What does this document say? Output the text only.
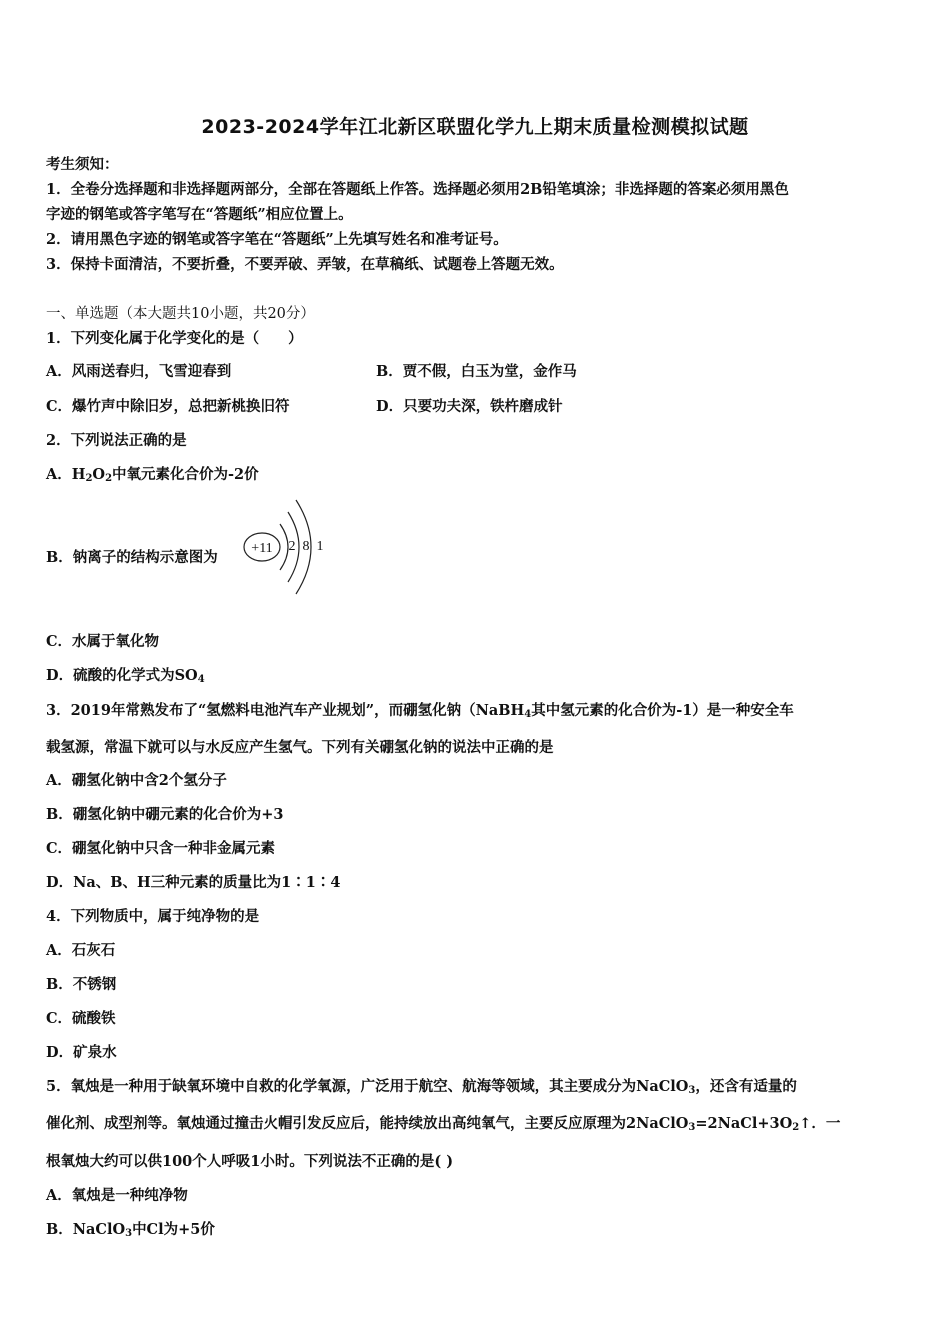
2023-2024学年江北新区联盟化学九上期末质量检测模拟试题
考生须知：
1．全卷分选择题和非选择题两部分，全部在答题纸上作答。选择题必须用2B铅笔填涂；非选择题的答案必须用黑色
字迹的钢笔或答字笔写在“答题纸”相应位置上。
2．请用黑色字迹的钢笔或答字笔在“答题纸”上先填写姓名和准考证号。
3．保持卡面清洁，不要折叠，不要弄破、弄皱，在草稿纸、试题卷上答题无效。
一、单选题（本大题共10小题，共20分）
1．下列变化属于化学变化的是（　　）
A．风雨送春归，飞雪迎春到	B．贾不假，白玉为堂，金作马
C．爆竹声中除旧岁，总把新桃换旧符	D．只要功夫深，铁杵磨成针
2．下列说法正确的是
A．$H_2O_2$中氧元素化合价为-2价
B．钠离子的结构示意图为
+11 2 8 1
C．水属于氧化物
D．硫酸的化学式为$SO_4$
3．2019年常熟发布了“氢燃料电池汽车产业规划”，而硼氢化钠（NaBH$_4$其中氢元素的化合价为-1）是一种安全车
载氢源，常温下就可以与水反应产生氢气。下列有关硼氢化钠的说法中正确的是
A．硼氢化钠中含2个氢分子
B．硼氢化钠中硼元素的化合价为+3
C．硼氢化钠中只含一种非金属元素
D．Na、B、H三种元素的质量比为1∶1∶4
4．下列物质中，属于纯净物的是
A．石灰石
B．不锈钢
C．硫酸铁
D．矿泉水
5．氧烛是一种用于缺氧环境中自救的化学氧源，广泛用于航空、航海等领域，其主要成分为NaClO$_3$，还含有适量的
催化剂、成型剂等。氧烛通过撞击火帽引发反应后，能持续放出高纯氧气，主要反应原理为$2NaClO_3=2NaCl+3O_2↑$．一
根氧烛大约可以供100个人呼吸1小时。下列说法不正确的是( )
A．氧烛是一种纯净物
B．NaClO$_3$中Cl为+5价
